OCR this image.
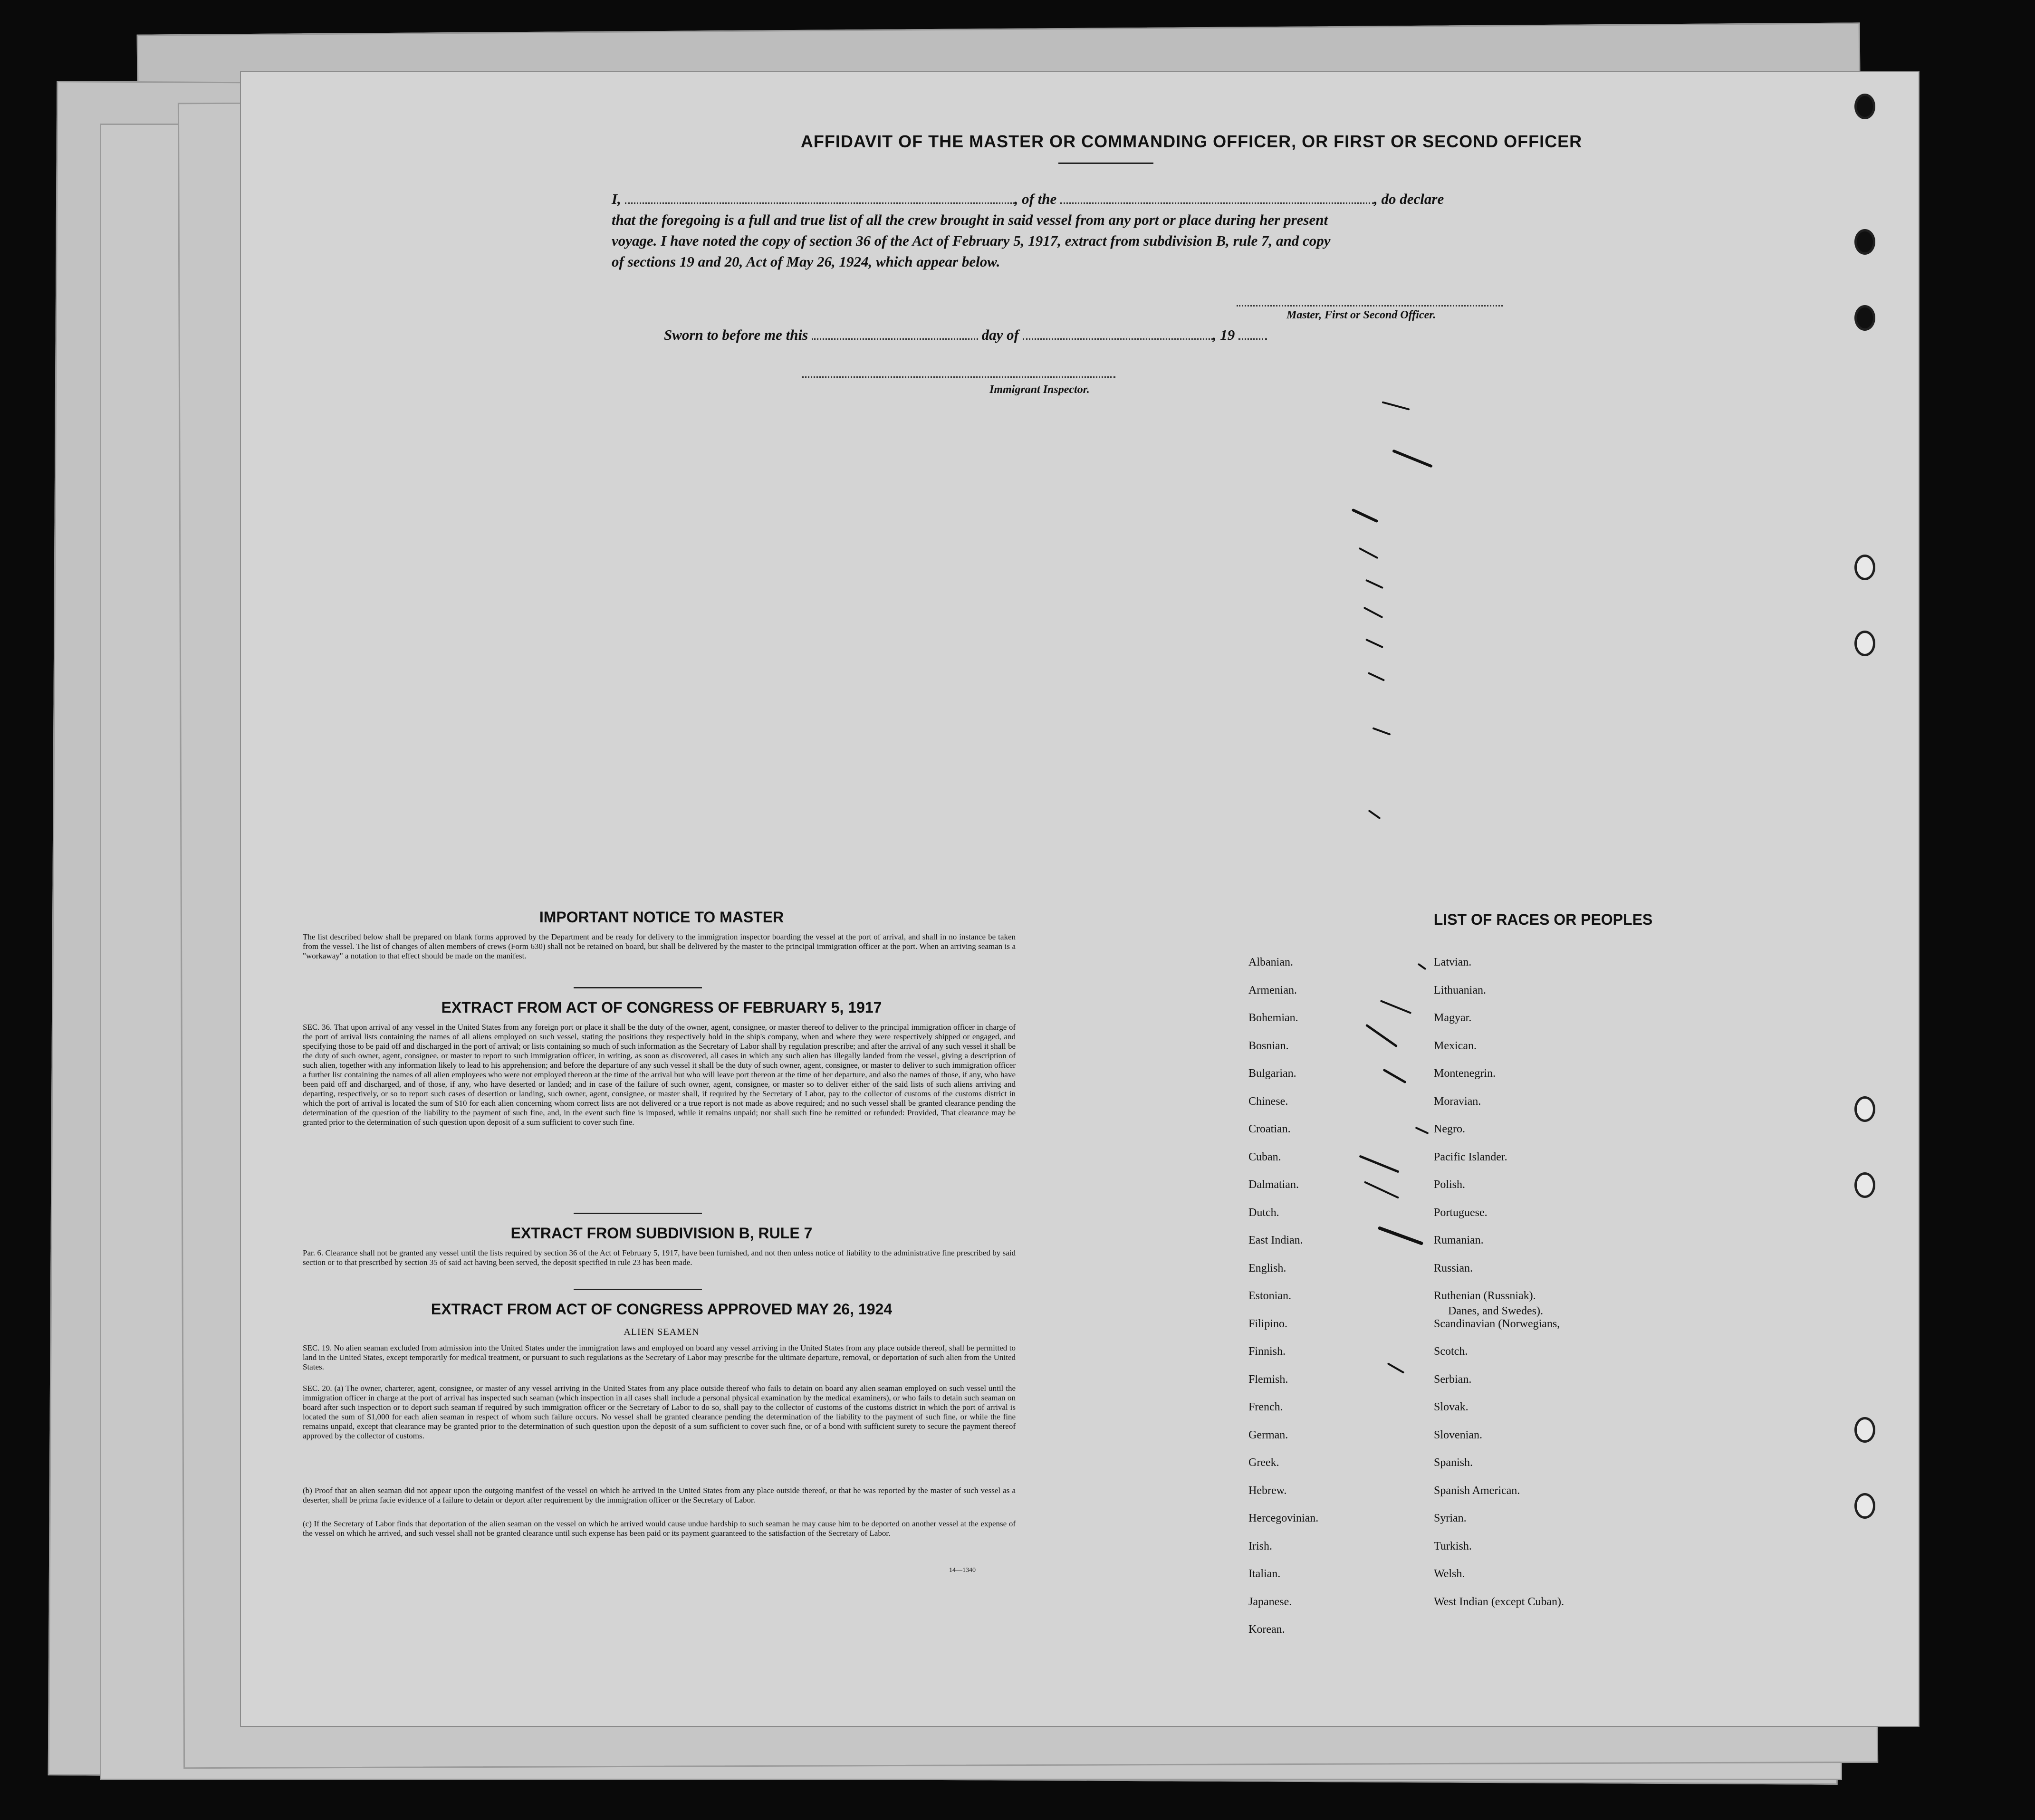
AFFIDAVIT OF THE MASTER OR COMMANDING OFFICER, OR FIRST OR SECOND OFFICER
I,	, of the	, do declare
that the foregoing is a full and true list of all the crew brought in said vessel from any port or place during her present
voyage. I have noted the copy of section 36 of the Act of February 5, 1917, extract from subdivision B, rule 7, and copy
of sections 19 and 20, Act of May 26, 1924, which appear below.
Master, First or Second Officer.
Sworn to before me this	day of	, 19
Immigrant Inspector.
IMPORTANT NOTICE TO MASTER
The list described below shall be prepared on blank forms approved by the Department and be ready for delivery to the immigration inspector boarding the vessel at the port of arrival, and shall in no instance be taken from the vessel. The list of changes of alien members of crews (Form 630) shall not be retained on board, but shall be delivered by the master to the principal immigration officer at the port. When an arriving seaman is a "workaway" a notation to that effect should be made on the manifest.
EXTRACT FROM ACT OF CONGRESS OF FEBRUARY 5, 1917
SEC. 36. That upon arrival of any vessel in the United States from any foreign port or place it shall be the duty of the owner, agent, consignee, or master thereof to deliver to the principal immigration officer in charge of the port of arrival lists containing the names of all aliens employed on such vessel, stating the positions they respectively hold in the ship's company, when and where they were respectively shipped or engaged, and specifying those to be paid off and discharged in the port of arrival; or lists containing so much of such information as the Secretary of Labor shall by regulation prescribe; and after the arrival of any such vessel it shall be the duty of such owner, agent, consignee, or master to report to such immigration officer, in writing, as soon as discovered, all cases in which any such alien has illegally landed from the vessel, giving a description of such alien, together with any information likely to lead to his apprehension; and before the departure of any such vessel it shall be the duty of such owner, agent, consignee, or master to deliver to such immigration officer a further list containing the names of all alien employees who were not employed thereon at the time of the arrival but who will leave port thereon at the time of her departure, and also the names of those, if any, who have been paid off and discharged, and of those, if any, who have deserted or landed; and in case of the failure of such owner, agent, consignee, or master so to deliver either of the said lists of such aliens arriving and departing, respectively, or so to report such cases of desertion or landing, such owner, agent, consignee, or master shall, if required by the Secretary of Labor, pay to the collector of customs of the customs district in which the port of arrival is located the sum of $10 for each alien concerning whom correct lists are not delivered or a true report is not made as above required; and no such vessel shall be granted clearance pending the determination of the question of the liability to the payment of such fine, and, in the event such fine is imposed, while it remains unpaid; nor shall such fine be remitted or refunded: Provided, That clearance may be granted prior to the determination of such question upon deposit of a sum sufficient to cover such fine.
EXTRACT FROM SUBDIVISION B, RULE 7
Par. 6. Clearance shall not be granted any vessel until the lists required by section 36 of the Act of February 5, 1917, have been furnished, and not then unless notice of liability to the administrative fine prescribed by said section or to that prescribed by section 35 of said act having been served, the deposit specified in rule 23 has been made.
EXTRACT FROM ACT OF CONGRESS APPROVED MAY 26, 1924
ALIEN SEAMEN
SEC. 19. No alien seaman excluded from admission into the United States under the immigration laws and employed on board any vessel arriving in the United States from any place outside thereof, shall be permitted to land in the United States, except temporarily for medical treatment, or pursuant to such regulations as the Secretary of Labor may prescribe for the ultimate departure, removal, or deportation of such alien from the United States.
SEC. 20. (a) The owner, charterer, agent, consignee, or master of any vessel arriving in the United States from any place outside thereof who fails to detain on board any alien seaman employed on such vessel until the immigration officer in charge at the port of arrival has inspected such seaman (which inspection in all cases shall include a personal physical examination by the medical examiners), or who fails to detain such seaman on board after such inspection or to deport such seaman if required by such immigration officer or the Secretary of Labor to do so, shall pay to the collector of customs of the customs district in which the port of arrival is located the sum of $1,000 for each alien seaman in respect of whom such failure occurs. No vessel shall be granted clearance pending the determination of the liability to the payment of such fine, or while the fine remains unpaid, except that clearance may be granted prior to the determination of such question upon the deposit of a sum sufficient to cover such fine, or of a bond with sufficient surety to secure the payment thereof approved by the collector of customs.
(b) Proof that an alien seaman did not appear upon the outgoing manifest of the vessel on which he arrived in the United States from any place outside thereof, or that he was reported by the master of such vessel as a deserter, shall be prima facie evidence of a failure to detain or deport after requirement by the immigration officer or the Secretary of Labor.
(c) If the Secretary of Labor finds that deportation of the alien seaman on the vessel on which he arrived would cause undue hardship to such seaman he may cause him to be deported on another vessel at the expense of the vessel on which he arrived, and such vessel shall not be granted clearance until such expense has been paid or its payment guaranteed to the satisfaction of the Secretary of Labor.
14—1340
LIST OF RACES OR PEOPLES
Albanian.
Armenian.
Bohemian.
Bosnian.
Bulgarian.
Chinese.
Croatian.
Cuban.
Dalmatian.
Dutch.
East Indian.
English.
Estonian.
Filipino.
Finnish.
Flemish.
French.
German.
Greek.
Hebrew.
Hercegovinian.
Irish.
Italian.
Japanese.
Korean.
Latvian.
Lithuanian.
Magyar.
Mexican.
Montenegrin.
Moravian.
Negro.
Pacific Islander.
Polish.
Portuguese.
Rumanian.
Russian.
Ruthenian (Russniak).
Scandinavian (Norwegians,
Danes, and Swedes).
Scotch.
Serbian.
Slovak.
Slovenian.
Spanish.
Spanish American.
Syrian.
Turkish.
Welsh.
West Indian (except Cuban).
